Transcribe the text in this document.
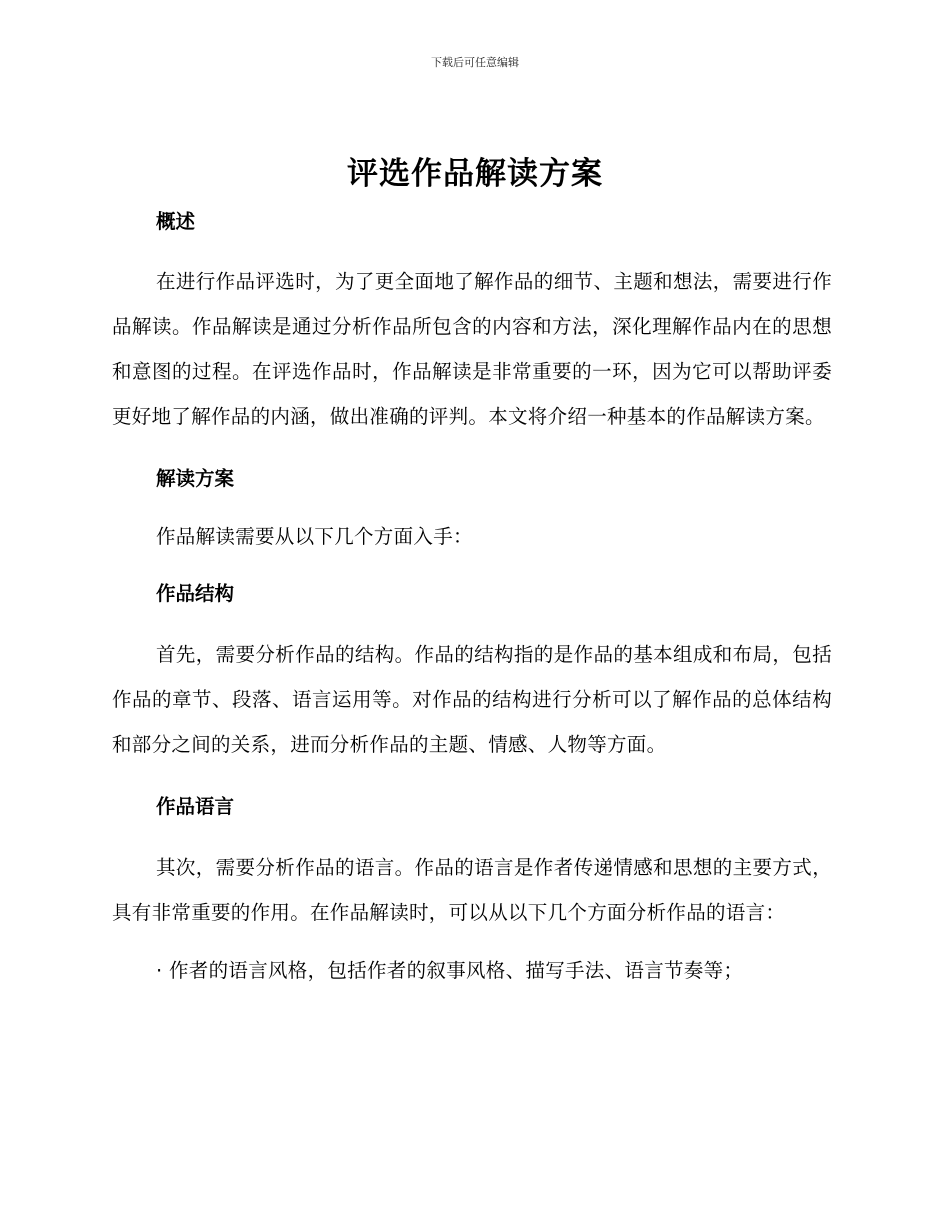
下载后可任意编辑
评选作品解读方案
概述

在进行作品评选时，为了更全面地了解作品的细节、主题和想法，需要进行作品解读。作品解读是通过分析作品所包含的内容和方法，深化理解作品内在的思想和意图的过程。在评选作品时，作品解读是非常重要的一环，因为它可以帮助评委更好地了解作品的内涵，做出准确的评判。本文将介绍一种基本的作品解读方案。

解读方案

作品解读需要从以下几个方面入手：

作品结构

首先，需要分析作品的结构。作品的结构指的是作品的基本组成和布局，包括作品的章节、段落、语言运用等。对作品的结构进行分析可以了解作品的总体结构和部分之间的关系，进而分析作品的主题、情感、人物等方面。

作品语言

其次，需要分析作品的语言。作品的语言是作者传递情感和思想的主要方式，具有非常重要的作用。在作品解读时，可以从以下几个方面分析作品的语言：

· 作者的语言风格，包括作者的叙事风格、描写手法、语言节奏等；
